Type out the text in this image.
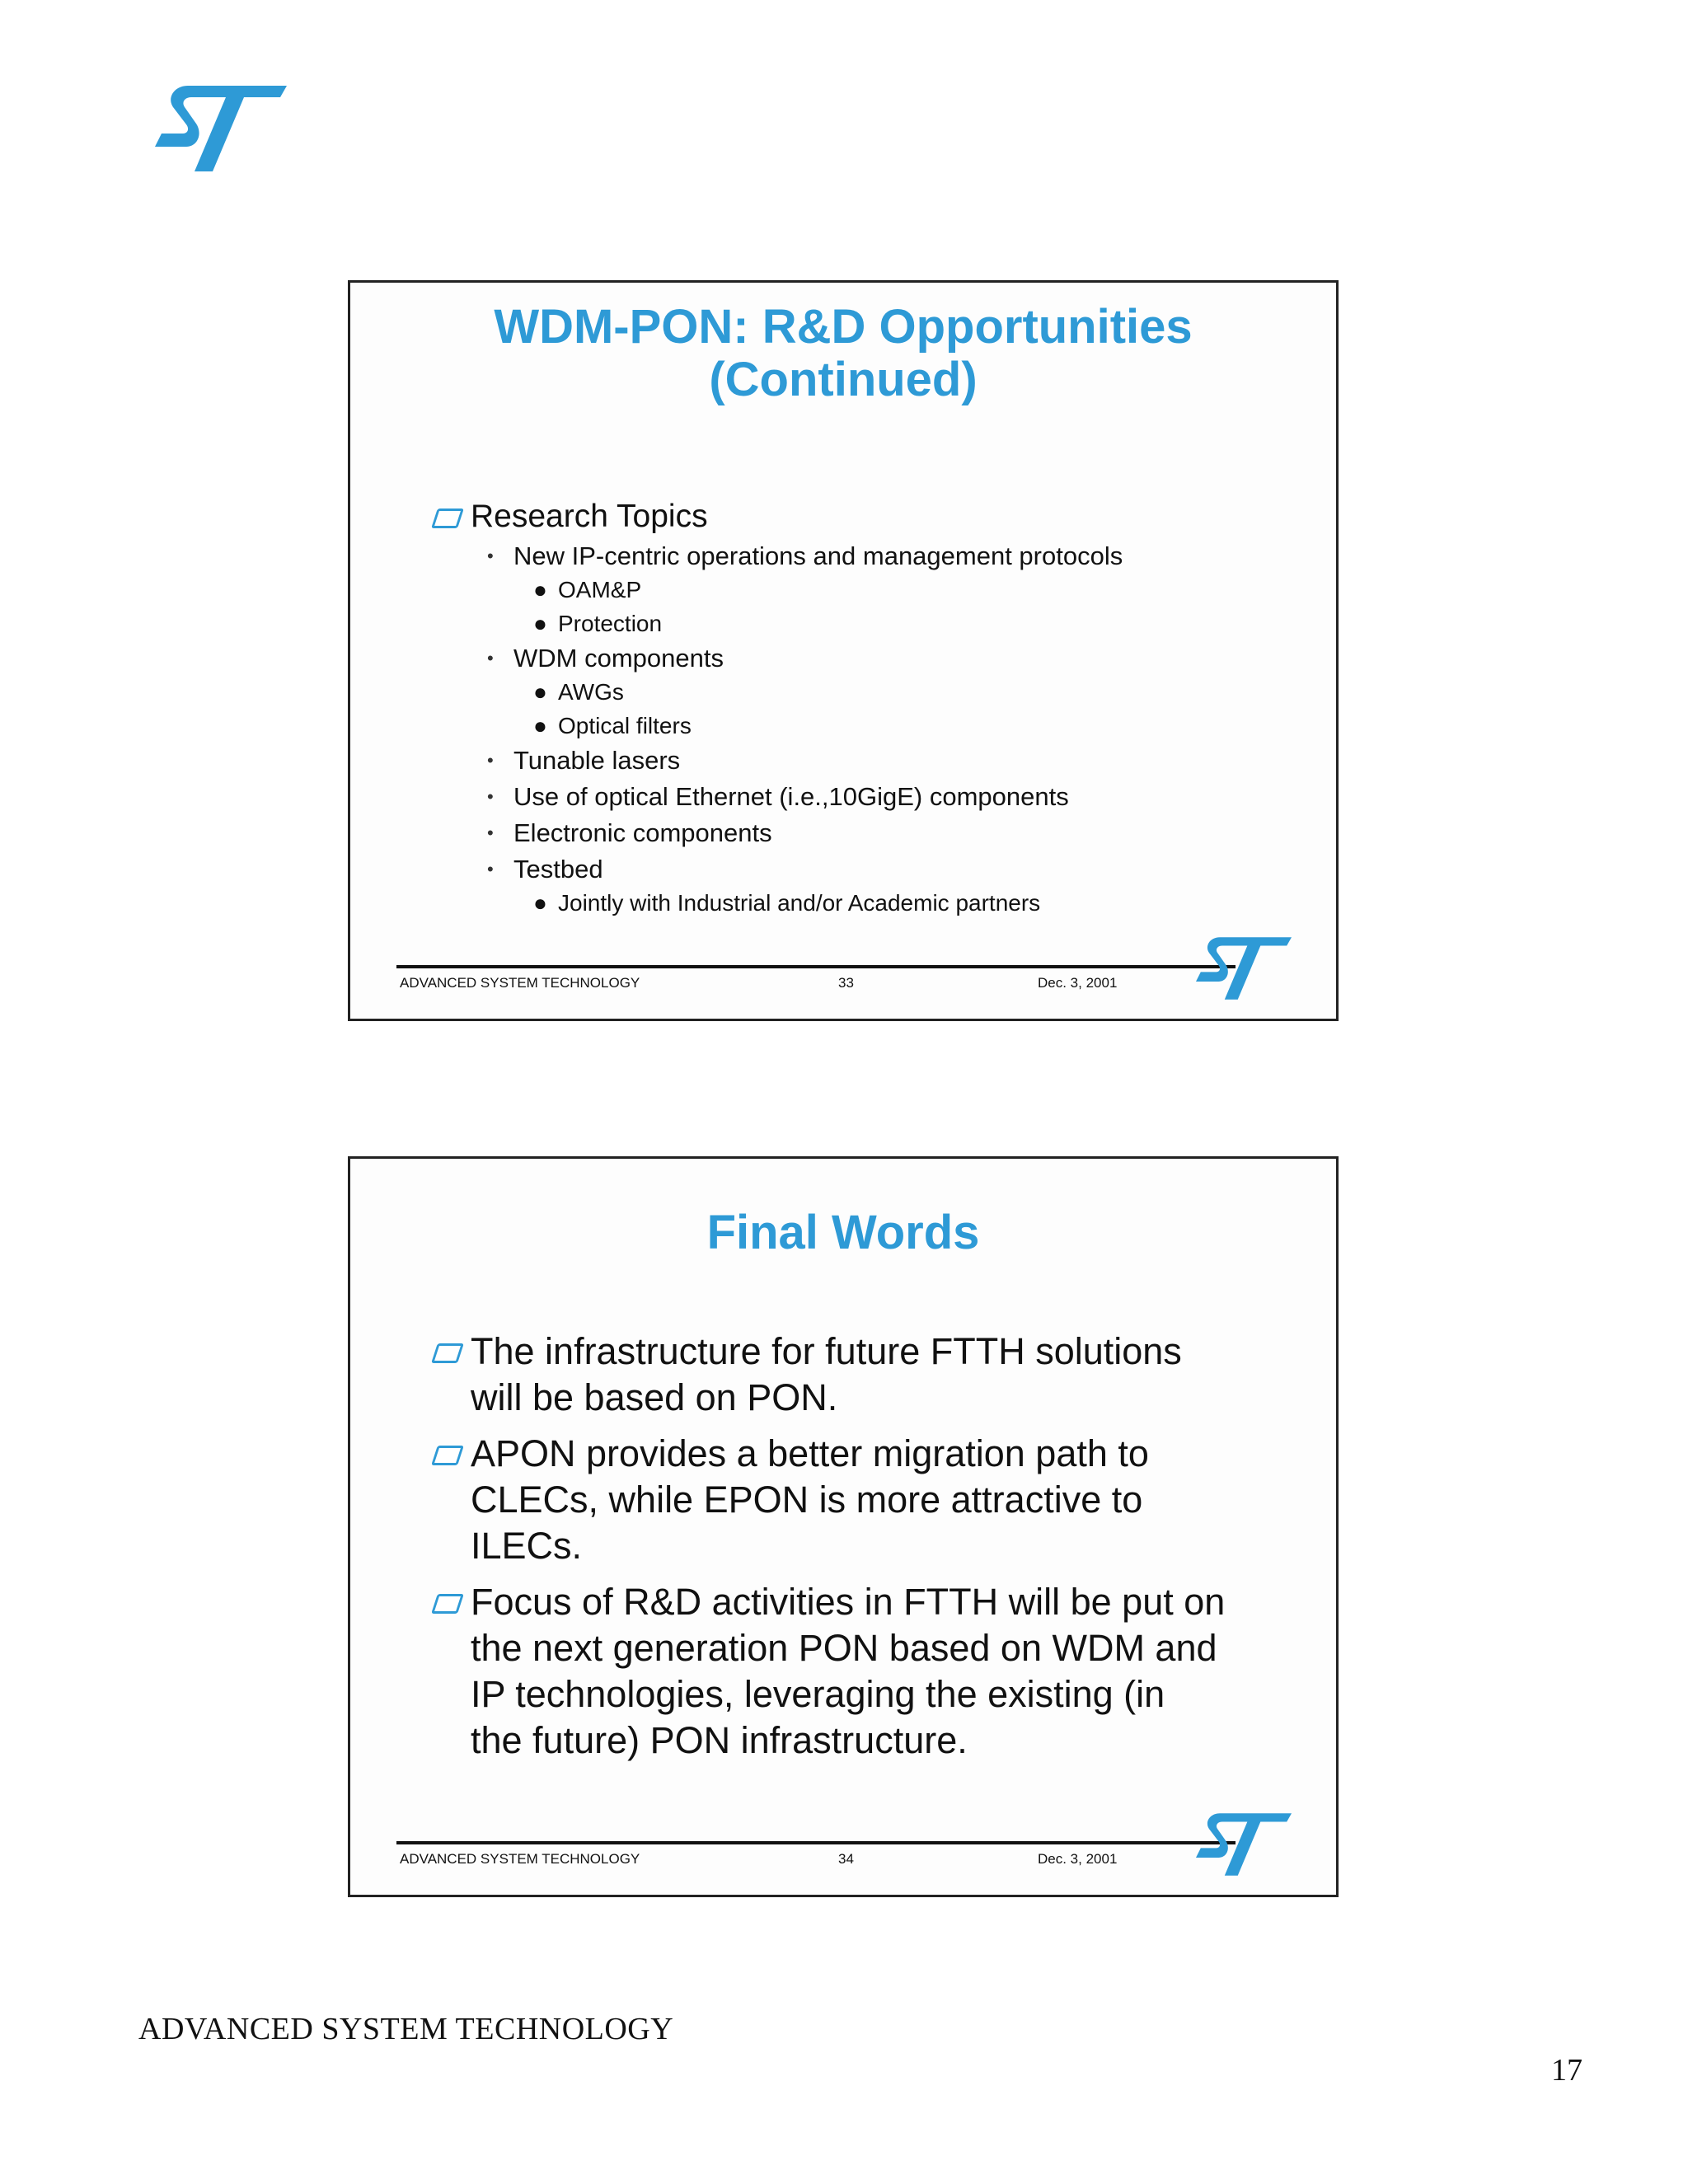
WDM-PON: R&D Opportunities
(Continued)
Research Topics
• New IP-centric operations and management protocols
● OAM&P
● Protection
• WDM components
● AWGs
● Optical filters
• Tunable lasers
• Use of optical Ethernet (i.e.,10GigE) components
• Electronic components
• Testbed
● Jointly with Industrial and/or Academic partners
ADVANCED SYSTEM TECHNOLOGY	33	Dec. 3, 2001
Final Words
The infrastructure for future FTTH solutions
will be based on PON.
APON provides a better migration path to
CLECs, while EPON is more attractive to
ILECs.
Focus of R&D activities in FTTH will be put on
the next generation PON based on WDM and
IP technologies, leveraging the existing (in
the future) PON infrastructure.
ADVANCED SYSTEM TECHNOLOGY	34	Dec. 3, 2001
ADVANCED SYSTEM TECHNOLOGY
17
